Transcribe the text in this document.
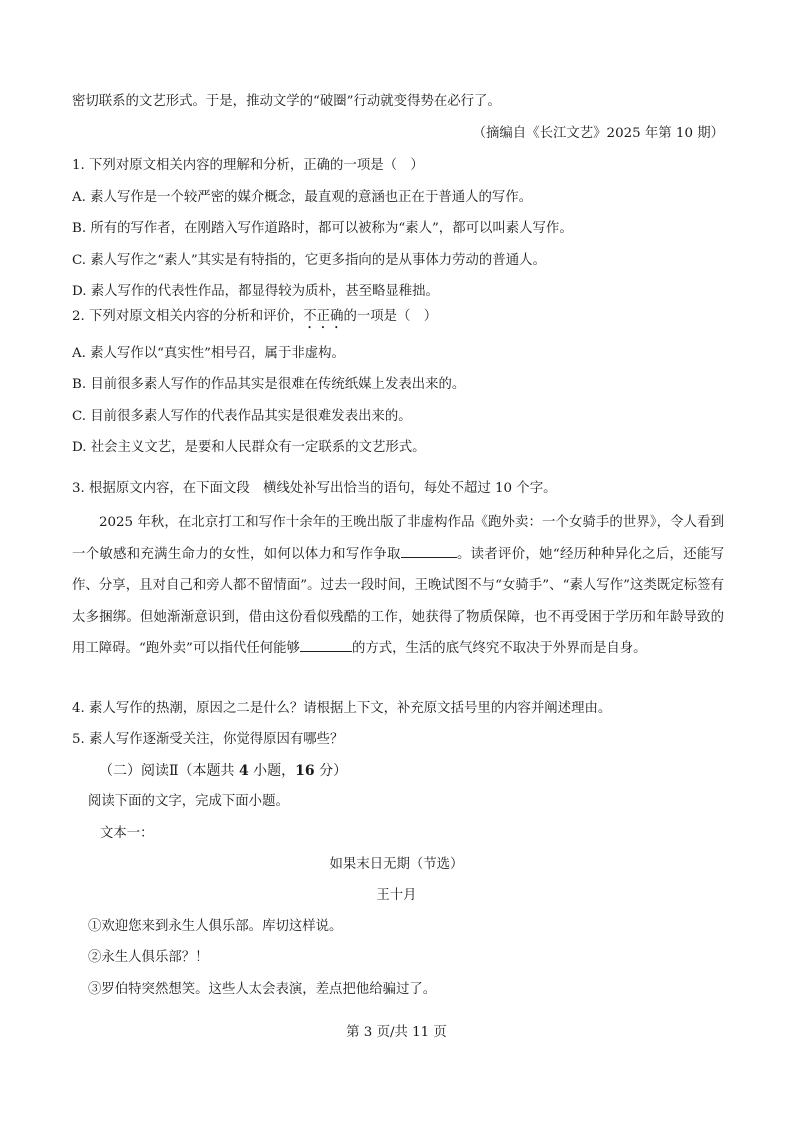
密切联系的文艺形式。于是，推动文学的“破圈”行动就变得势在必行了。
（摘编自《长江文艺》2025 年第 10 期）
1. 下列对原文相关内容的理解和分析，正确的一项是（　）
A. 素人写作是一个较严密的媒介概念，最直观的意涵也正在于普通人的写作。
B. 所有的写作者，在刚踏入写作道路时，都可以被称为“素人”，都可以叫素人写作。
C. 素人写作之“素人”其实是有特指的，它更多指向的是从事体力劳动的普通人。
D. 素人写作的代表性作品，都显得较为质朴，甚至略显稚拙。
2. 下列对原文相关内容的分析和评价，不正确的一项是（　）
A. 素人写作以“真实性”相号召，属于非虚构。
B. 目前很多素人写作的作品其实是很难在传统纸媒上发表出来的。
C. 目前很多素人写作的代表作品其实是很难发表出来的。
D. 社会主义文艺，是要和人民群众有一定联系的文艺形式。
3. 根据原文内容，在下面文段　横线处补写出恰当的语句，每处不超过 10 个字。
2025 年秋，在北京打工和写作十余年的王晚出版了非虚构作品《跑外卖：一个女骑手的世界》，令人看到一个敏感和充满生命力的女性，如何以体力和写作争取	。读者评价，她“经历种种异化之后，还能写作、分享，且对自己和旁人都不留情面”。过去一段时间，王晚试图不与“女骑手”、“素人写作”这类既定标签有太多捆绑。但她渐渐意识到，借由这份看似残酷的工作，她获得了物质保障，也不再受困于学历和年龄导致的用工障碍。“跑外卖”可以指代任何能够	的方式，生活的底气终究不取决于外界而是自身。
4. 素人写作的热潮，原因之二是什么？请根据上下文，补充原文括号里的内容并阐述理由。
5. 素人写作逐渐受关注，你觉得原因有哪些？
（二）阅读Ⅱ（本题共 4 小题，16 分）
阅读下面的文字，完成下面小题。
文本一：
如果末日无期（节选）
王十月
①欢迎您来到永生人俱乐部。库切这样说。
②永生人俱乐部？！
③罗伯特突然想笑。这些人太会表演，差点把他给骗过了。
第 3 页/共 11 页
